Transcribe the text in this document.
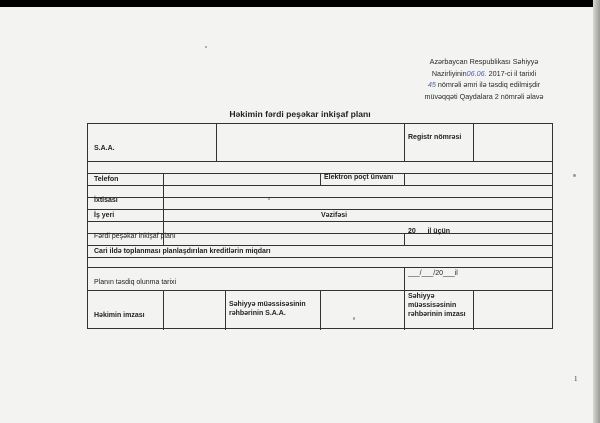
Azərbaycan Respublikası Səhiyyə
Nazirliyinin06.06. 2017-ci il tarixli
45 nömrəli əmri ilə təsdiq edilmişdir
müvəqqəti Qaydalara 2 nömrəli əlavə
Həkimin fərdi peşəkar inkişaf planı
S.A.A.
Registr nömrəsi
Telefon	Elektron poçt ünvanı
İxtisası
İş yeri	Vəzifəsi
Fərdi peşəkar inkişaf planı
20___il üçün
Cari ildə toplanması planlaşdırılan kreditlərin miqdarı
Planın təsdiq olunma tarixi
___/___/20___il
Həkimin imzası
Səhiyyə müəssisəsinin rəhbərinin S.A.A.
Səhiyyə müəssisəsinin rəhbərinin imzası
1
